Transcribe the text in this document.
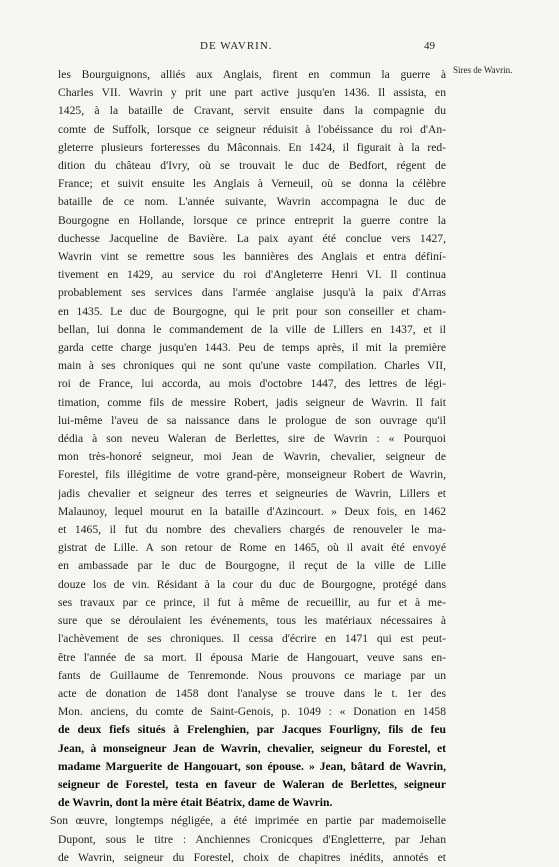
DE WAVRIN.	49
Sires de Wavrin.
les Bourguignons, alliés aux Anglais, firent en commun la guerre à
Charles VII. Wavrin y prit une part active jusqu'en 1436. Il assista, en
1425, à la bataille de Cravant, servit ensuite dans la compagnie du
comte de Suffolk, lorsque ce seigneur réduisit à l'obéissance du roi d'An-
gleterre plusieurs forteresses du Mâconnais. En 1424, il figurait à la red-
dition du château d'Ivry, où se trouvait le duc de Bedfort, régent de
France; et suivit ensuite les Anglais à Verneuil, où se donna la célèbre
bataille de ce nom. L'année suivante, Wavrin accompagna le duc de
Bourgogne en Hollande, lorsque ce prince entreprit la guerre contre la
duchesse Jacqueline de Bavière. La paix ayant été conclue vers 1427,
Wavrin vint se remettre sous les bannières des Anglais et entra définí-
tivement en 1429, au service du roi d'Angleterre Henri VI. Il continua
probablement ses services dans l'armée anglaise jusqu'à la paix d'Arras
en 1435. Le duc de Bourgogne, qui le prit pour son conseiller et cham-
bellan, lui donna le commandement de la ville de Lillers en 1437, et il
garda cette charge jusqu'en 1443. Peu de temps après, il mit la première
main à ses chroniques qui ne sont qu'une vaste compilation. Charles VII,
roi de France, lui accorda, au mois d'octobre 1447, des lettres de légi-
timation, comme fils de messire Robert, jadis seigneur de Wavrin. Il fait
lui-même l'aveu de sa naissance dans le prologue de son ouvrage qu'il
dédia à son neveu Waleran de Berlettes, sire de Wavrin : « Pourquoi
mon très-honoré seigneur, moi Jean de Wavrin, chevalier, seigneur de
Forestel, fils illégitime de votre grand-père, monseigneur Robert de Wavrin,
jadis chevalier et seigneur des terres et seigneuries de Wavrin, Lillers et
Malaunoy, lequel mourut en la bataille d'Azincourt. » Deux fois, en 1462
et 1465, il fut du nombre des chevaliers chargés de renouveler le ma-
gistrat de Lille. A son retour de Rome en 1465, où il avait été envoyé
en ambassade par le duc de Bourgogne, il reçut de la ville de Lille
douze los de vin. Résidant à la cour du duc de Bourgogne, protégé dans
ses travaux par ce prince, il fut à même de recueillir, au fur et à me-
sure que se déroulaient les événements, tous les matériaux nécessaires à
l'achèvement de ses chroniques. Il cessa d'écrire en 1471 qui est peut-
être l'année de sa mort. Il épousa Marie de Hangouart, veuve sans en-
fants de Guillaume de Tenremonde. Nous prouvons ce mariage par un
acte de donation de 1458 dont l'analyse se trouve dans le t. 1er des
Mon. anciens, du comte de Saint-Genois, p. 1049 : « Donation en 1458
de deux fiefs situés à Frelenghien, par Jacques Fourligny, fils de feu
Jean, à monseigneur Jean de Wavrin, chevalier, seigneur du Forestel, et
madame Marguerite de Hangouart, son épouse. » Jean, bâtard de Wavrin,
seigneur de Forestel, testa en faveur de Waleran de Berlettes, seigneur
de Wavrin, dont la mère était Béatrix, dame de Wavrin.
Son œuvre, longtemps négligée, a été imprimée en partie par mademoiselle
Dupont, sous le titre : Anchiennes Cronicques d'Engletterre, par Jehan
de Wavrin, seigneur du Forestel, choix de chapitres inédits, annotés et
